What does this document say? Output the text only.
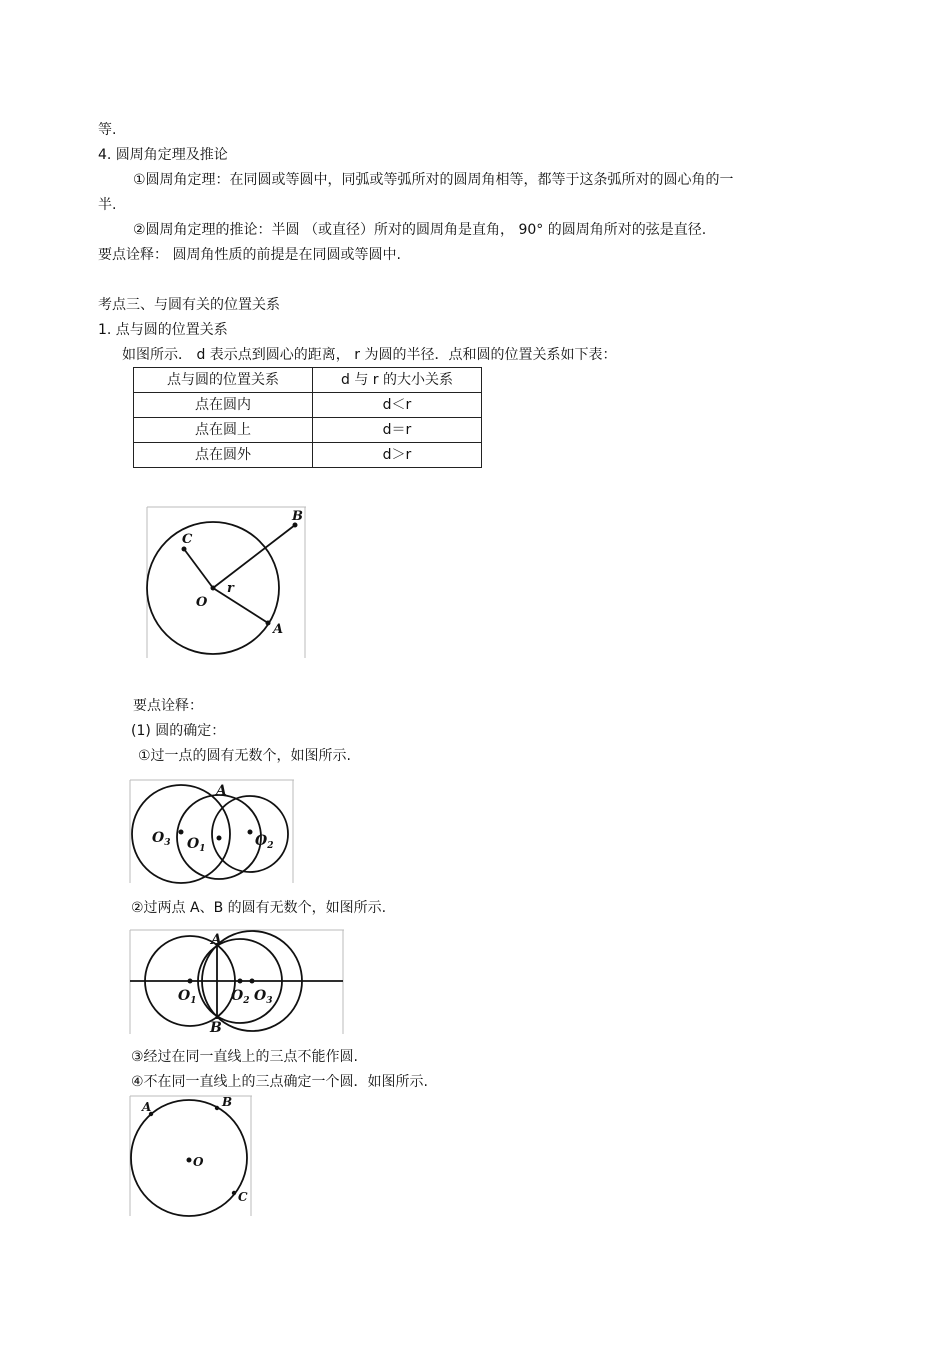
等.
4. 圆周角定理及推论
①圆周角定理：在同圆或等圆中，同弧或等弧所对的圆周角相等，都等于这条弧所对的圆心角的一
半.
②圆周角定理的推论：半圆 （或直径）所对的圆周角是直角， 90° 的圆周角所对的弦是直径.
要点诠释： 圆周角性质的前提是在同圆或等圆中.
考点三、与圆有关的位置关系
1. 点与圆的位置关系
如图所示． d 表示点到圆心的距离， r 为圆的半径．点和圆的位置关系如下表：
点与圆的位置关系	d 与 r 的大小关系
点在圆内	d＜r
点在圆上	d＝r
点在圆外	d＞r
B
C
O
r
A
要点诠释：
(1) 圆的确定：
①过一点的圆有无数个，如图所示.
A
$O_3$ $O_1$	$O_2$
②过两点 A、B 的圆有无数个，如图所示.
A
B
$O_1$ $O_2$ $O_3$
③经过在同一直线上的三点不能作圆.
④不在同一直线上的三点确定一个圆．如图所示.
A	B
O
C
